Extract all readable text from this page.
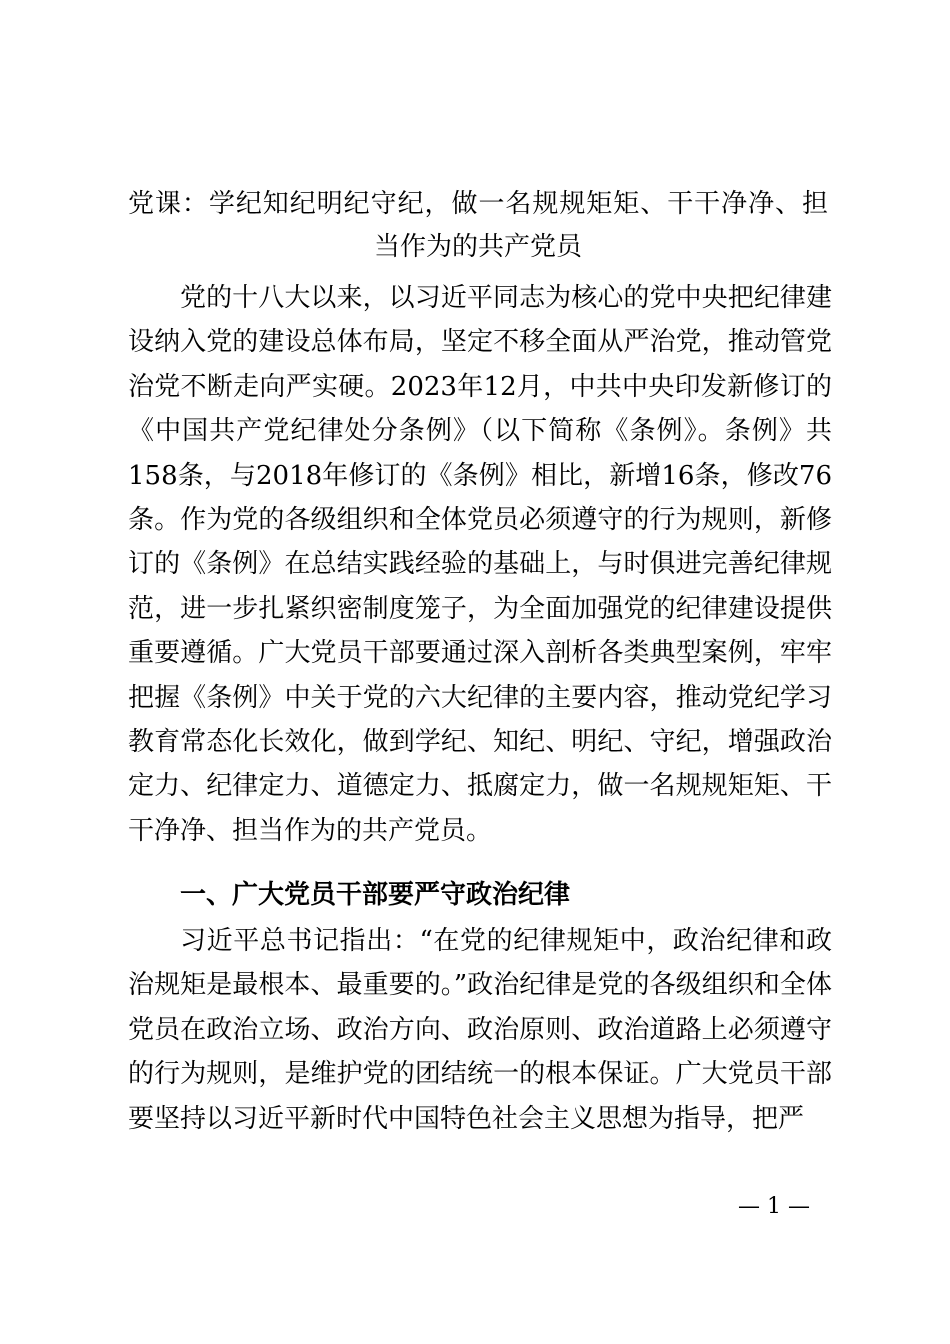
党课：学纪知纪明纪守纪，做一名规规矩矩、干干净净、担当作为的共产党员

党的十八大以来，以习近平同志为核心的党中央把纪律建设纳入党的建设总体布局，坚定不移全面从严治党，推动管党治党不断走向严实硬。2023年12月，中共中央印发新修订的《中国共产党纪律处分条例》（以下简称《条例》。条例》共158条，与2018年修订的《条例》相比，新增16条，修改76条。作为党的各级组织和全体党员必须遵守的行为规则，新修订的《条例》在总结实践经验的基础上，与时俱进完善纪律规范，进一步扎紧织密制度笼子，为全面加强党的纪律建设提供重要遵循。广大党员干部要通过深入剖析各类典型案例，牢牢把握《条例》中关于党的六大纪律的主要内容，推动党纪学习教育常态化长效化，做到学纪、知纪、明纪、守纪，增强政治定力、纪律定力、道德定力、抵腐定力，做一名规规矩矩、干干净净、担当作为的共产党员。

一、广大党员干部要严守政治纪律

习近平总书记指出：“在党的纪律规矩中，政治纪律和政治规矩是最根本、最重要的。”政治纪律是党的各级组织和全体党员在政治立场、政治方向、政治原则、政治道路上必须遵守的行为规则，是维护党的团结统一的根本保证。广大党员干部要坚持以习近平新时代中国特色社会主义思想为指导，把严

— 1 —
